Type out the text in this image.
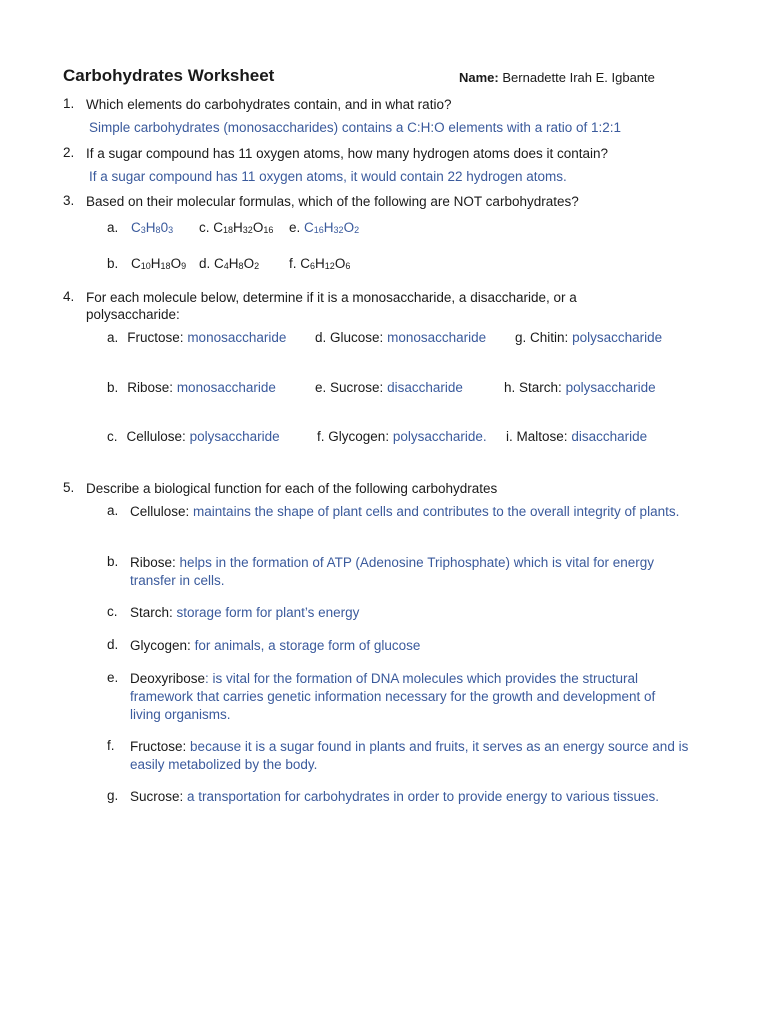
Carbohydrates Worksheet	Name: Bernadette Irah E. Igbante
1. Which elements do carbohydrates contain, and in what ratio?
Simple carbohydrates (monosaccharides) contains a C:H:O elements with a ratio of 1:2:1
2. If a sugar compound has 11 oxygen atoms, how many hydrogen atoms does it contain?
If a sugar compound has 11 oxygen atoms, it would contain 22 hydrogen atoms.
3. Based on their molecular formulas, which of the following are NOT carbohydrates?
a. $C_3H_80_3$ c. $C_{18}H_{32}O_{16}$ e. $C_{16}H_{32}O_2$
b. $C_{10}H_{18}O_9$ d. $C_4H_8O_2$ f. $C_6H_{12}O_6$
4. For each molecule below, determine if it is a monosaccharide, a disaccharide, or a polysaccharide:
a. Fructose: monosaccharide d. Glucose: monosaccharide g. Chitin: polysaccharide
b. Ribose: monosaccharide	e. Sucrose: disaccharide	h. Starch: polysaccharide
c. Cellulose: polysaccharide	f. Glycogen: polysaccharide. i. Maltose: disaccharide
5. Describe a biological function for each of the following carbohydrates
a. Cellulose: maintains the shape of plant cells and contributes to the overall integrity of plants.
b. Ribose: helps in the formation of ATP (Adenosine Triphosphate) which is vital for energy transfer in cells.
c. Starch: storage form for plant’s energy
d. Glycogen: for animals, a storage form of glucose
e. Deoxyribose: is vital for the formation of DNA molecules which provides the structural framework that carries genetic information necessary for the growth and development of living organisms.
f. Fructose: because it is a sugar found in plants and fruits, it serves as an energy source and is easily metabolized by the body.
g. Sucrose: a transportation for carbohydrates in order to provide energy to various tissues.
